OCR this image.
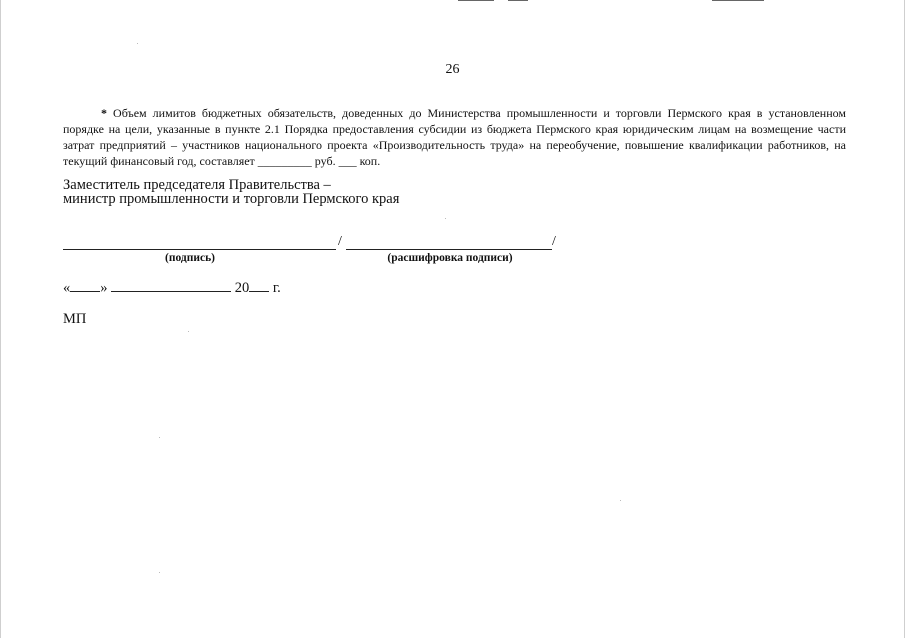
26
* Объем лимитов бюджетных обязательств, доведенных до Министерства промышленности и торговли Пермского края в установленном порядке на цели, указанные в пункте 2.1 Порядка предоставления субсидии из бюджета Пермского края юридическим лицам на возмещение части затрат предприятий – участников национального проекта «Производительность труда» на переобучение, повышение квалификации работников, на текущий финансовый год, составляет _________ руб. ___ коп.
Заместитель председателя Правительства –
министр промышленности и торговли Пермского края
/	/
(подпись)	(расшифровка подписи)
« »	20 г.
МП
